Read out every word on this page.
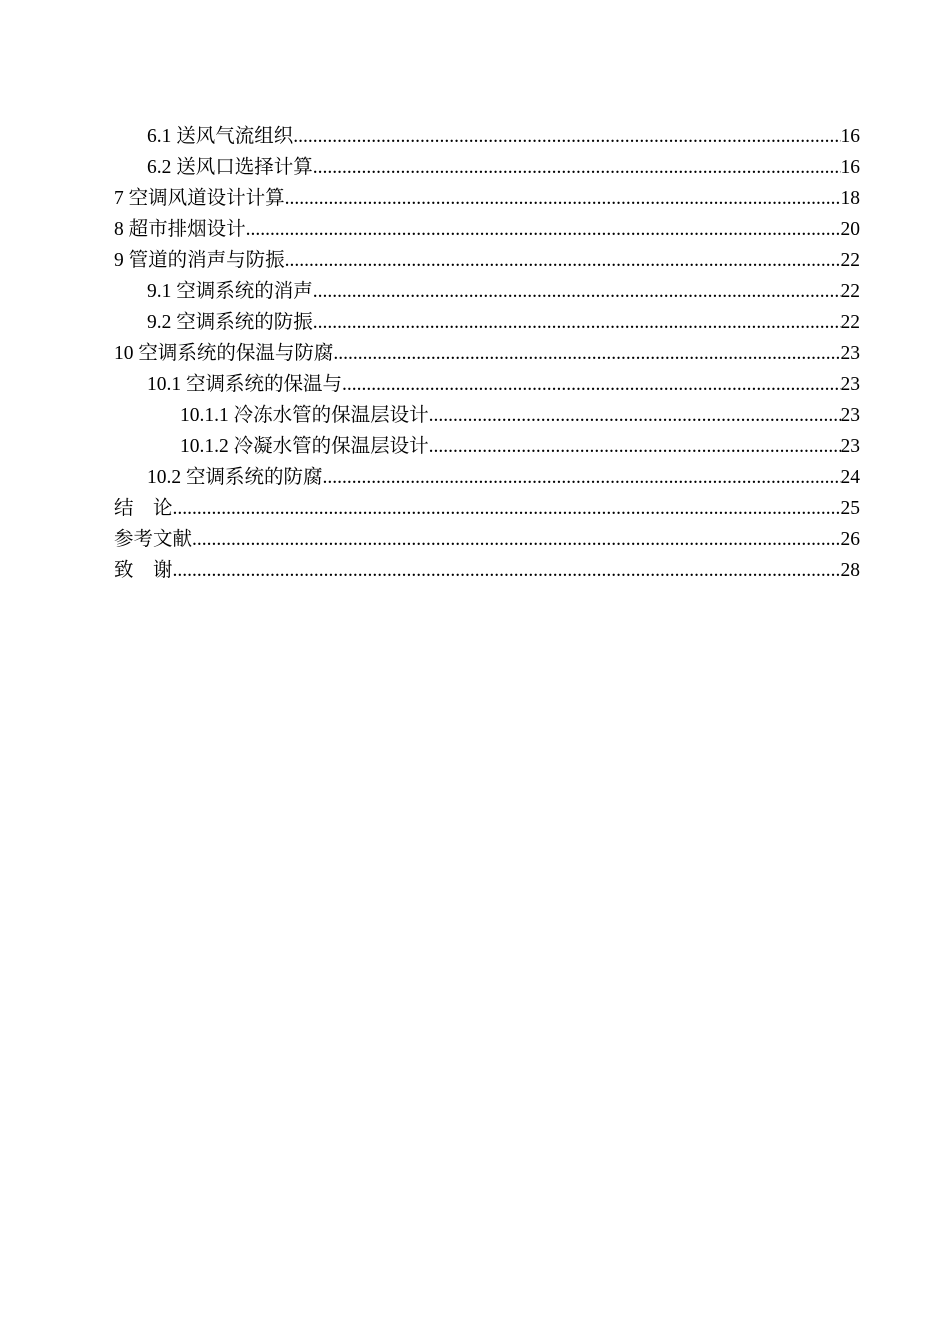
6.1 送风气流组织 .....	16
6.2 送风口选择计算 .....	16
7 空调风道设计计算 .....	18
8 超市排烟设计 .....	20
9 管道的消声与防振 .....	22
9.1 空调系统的消声 .....	22
9.2 空调系统的防振 .....	22
10 空调系统的保温与防腐 .....	23
10.1 空调系统的保温与 .....	23
10.1.1 冷冻水管的保温层设计 .....	23
10.1.2 冷凝水管的保温层设计 .....	23
10.2 空调系统的防腐 .....	24
结　论 .....	25
参考文献 .....	26
致　谢 .....	28
